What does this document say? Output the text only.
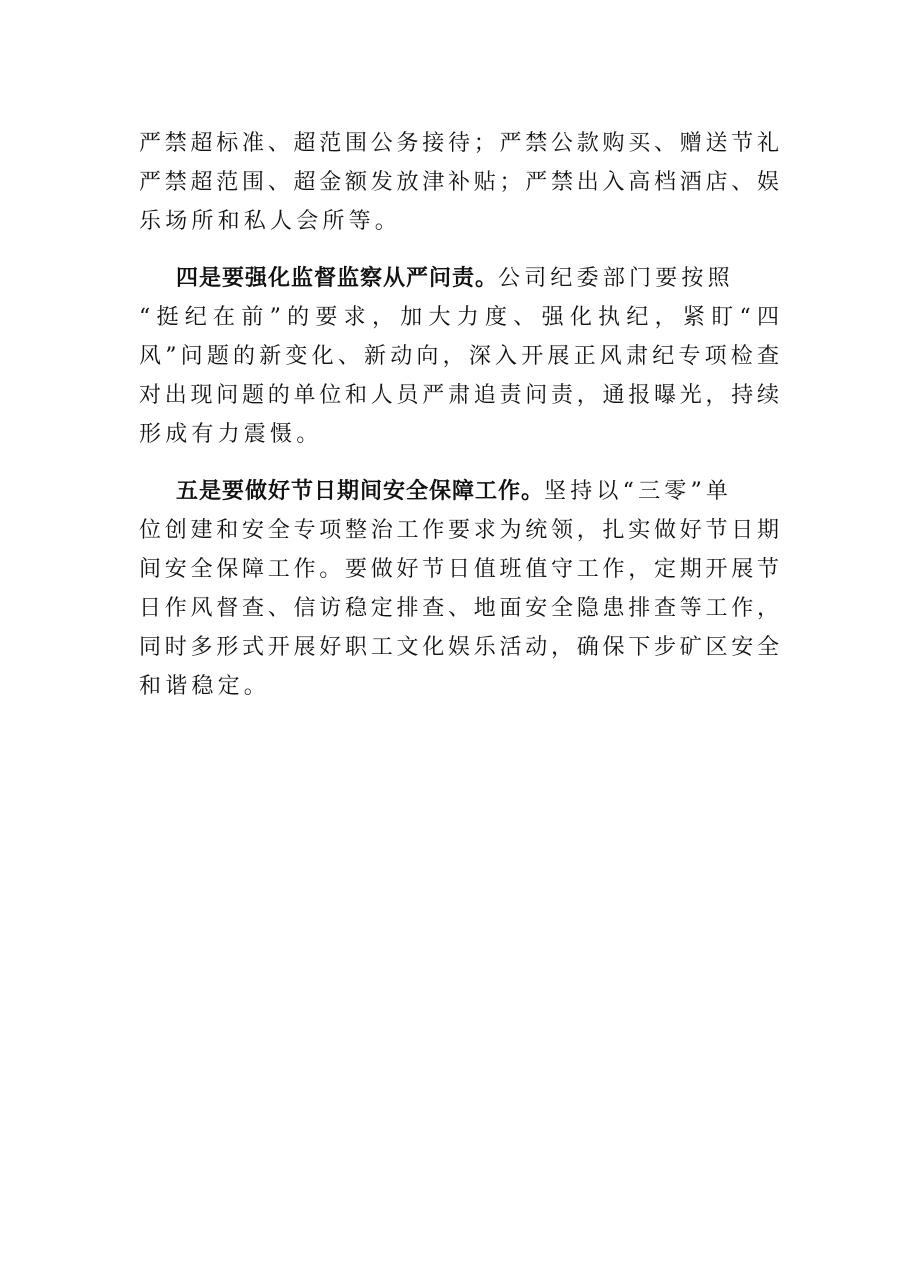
严禁超标准、超范围公务接待；严禁公款购买、赠送节礼
严禁超范围、超金额发放津补贴；严禁出入高档酒店、娱
乐场所和私人会所等。

四是要强化监督监察从严问责。公司纪委部门要按照
“挺纪在前”的要求，加大力度、强化执纪，紧盯“四
风”问题的新变化、新动向，深入开展正风肃纪专项检查
对出现问题的单位和人员严肃追责问责，通报曝光，持续
形成有力震慑。

五是要做好节日期间安全保障工作。坚持以“三零”单
位创建和安全专项整治工作要求为统领，扎实做好节日期
间安全保障工作。要做好节日值班值守工作，定期开展节
日作风督查、信访稳定排查、地面安全隐患排查等工作，
同时多形式开展好职工文化娱乐活动，确保下步矿区安全
和谐稳定。
